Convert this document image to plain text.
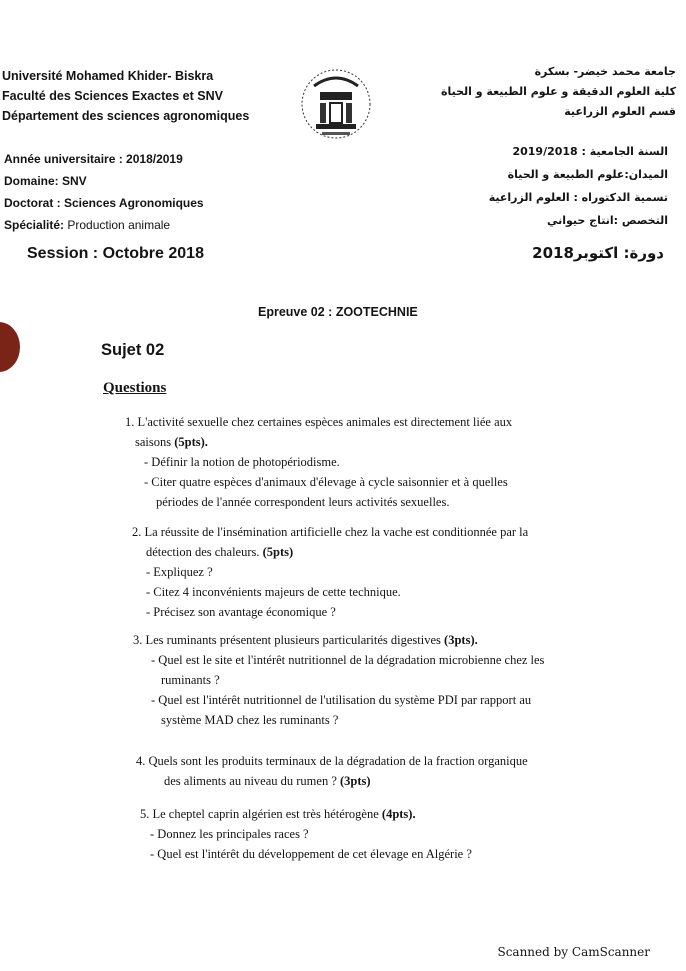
Université Mohamed Khider- Biskra
Faculté des Sciences Exactes et SNV
Département des sciences agronomiques
جامعة محمد خيضر- بسكرة
كلية العلوم الدقيقة و علوم الطبيعة و الحياة
قسم العلوم الزراعية
Année universitaire : 2018/2019
Domaine: SNV
Doctorat : Sciences Agronomiques
Spécialité: Production animale
السنة الجامعية : 2019/2018
الميدان:علوم الطبيعة و الحياة
تسمية الدكتوراه : العلوم الزراعية
التخصص :انتاج حيواني
Session : Octobre 2018	دورة: اكتوبر2018
Epreuve 02 : ZOOTECHNIE
Sujet 02
Questions
1. L'activité sexuelle chez certaines espèces animales est directement liée aux
saisons (5pts).
- Définir la notion de photopériodisme.
- Citer quatre espèces d'animaux d'élevage à cycle saisonnier et à quelles
périodes de l'année correspondent leurs activités sexuelles.
2. La réussite de l'insémination artificielle chez la vache est conditionnée par la
détection des chaleurs. (5pts)
- Expliquez ?
- Citez 4 inconvénients majeurs de cette technique.
- Précisez son avantage économique ?
3. Les ruminants présentent plusieurs particularités digestives (3pts).
- Quel est le site et l'intérêt nutritionnel de la dégradation microbienne chez les
ruminants ?
- Quel est l'intérêt nutritionnel de l'utilisation du système PDI par rapport au
système MAD chez les ruminants ?
4. Quels sont les produits terminaux de la dégradation de la fraction organique
des aliments au niveau du rumen ? (3pts)
5. Le cheptel caprin algérien est très hétérogène (4pts).
- Donnez les principales races ?
- Quel est l'intérêt du développement de cet élevage en Algérie ?
Scanned by CamScanner
